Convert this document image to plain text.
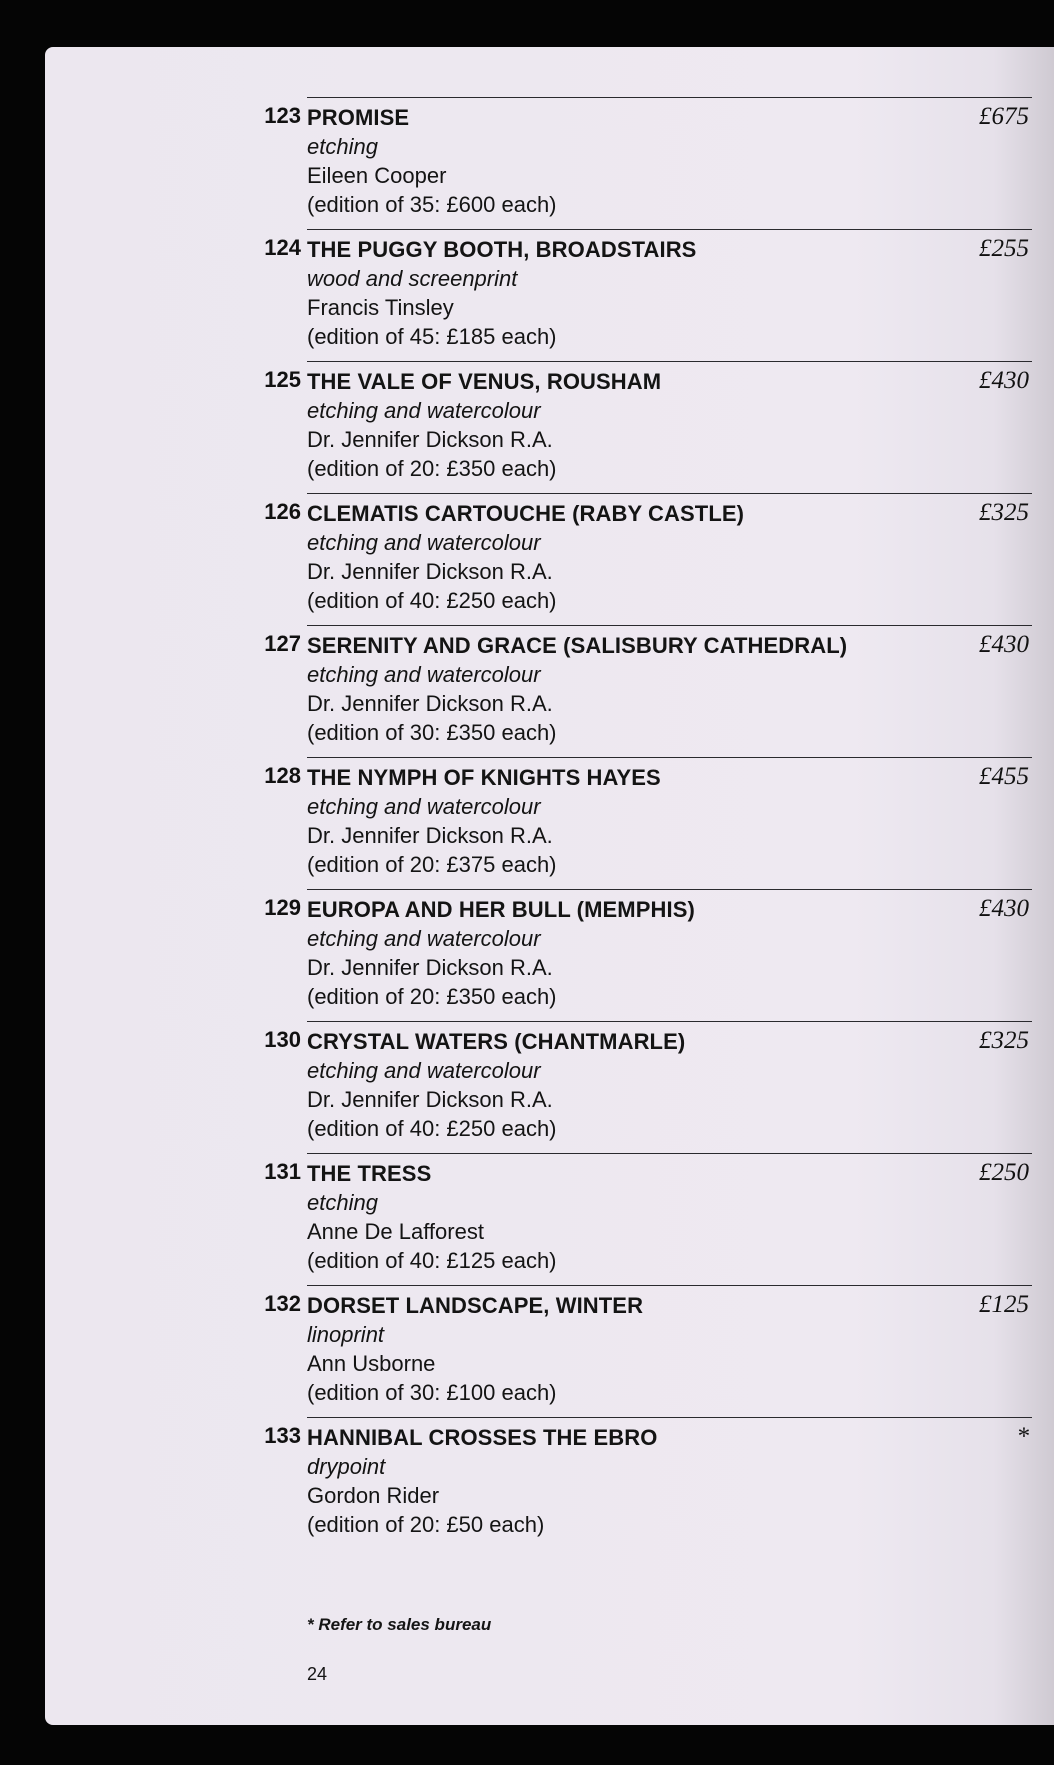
123 PROMISE
etching
Eileen Cooper
(edition of 35: £600 each)
£675
124 THE PUGGY BOOTH, BROADSTAIRS
wood and screenprint
Francis Tinsley
(edition of 45: £185 each)
£255
125 THE VALE OF VENUS, ROUSHAM
etching and watercolour
Dr. Jennifer Dickson R.A.
(edition of 20: £350 each)
£430
126 CLEMATIS CARTOUCHE (RABY CASTLE)
etching and watercolour
Dr. Jennifer Dickson R.A.
(edition of 40: £250 each)
£325
127 SERENITY AND GRACE (SALISBURY CATHEDRAL)
etching and watercolour
Dr. Jennifer Dickson R.A.
(edition of 30: £350 each)
£430
128 THE NYMPH OF KNIGHTS HAYES
etching and watercolour
Dr. Jennifer Dickson R.A.
(edition of 20: £375 each)
£455
129 EUROPA AND HER BULL (MEMPHIS)
etching and watercolour
Dr. Jennifer Dickson R.A.
(edition of 20: £350 each)
£430
130 CRYSTAL WATERS (CHANTMARLE)
etching and watercolour
Dr. Jennifer Dickson R.A.
(edition of 40: £250 each)
£325
131 THE TRESS
etching
Anne De Lafforest
(edition of 40: £125 each)
£250
132 DORSET LANDSCAPE, WINTER
linoprint
Ann Usborne
(edition of 30: £100 each)
£125
133 HANNIBAL CROSSES THE EBRO
drypoint
Gordon Rider
(edition of 20: £50 each)
*
* Refer to sales bureau
24
